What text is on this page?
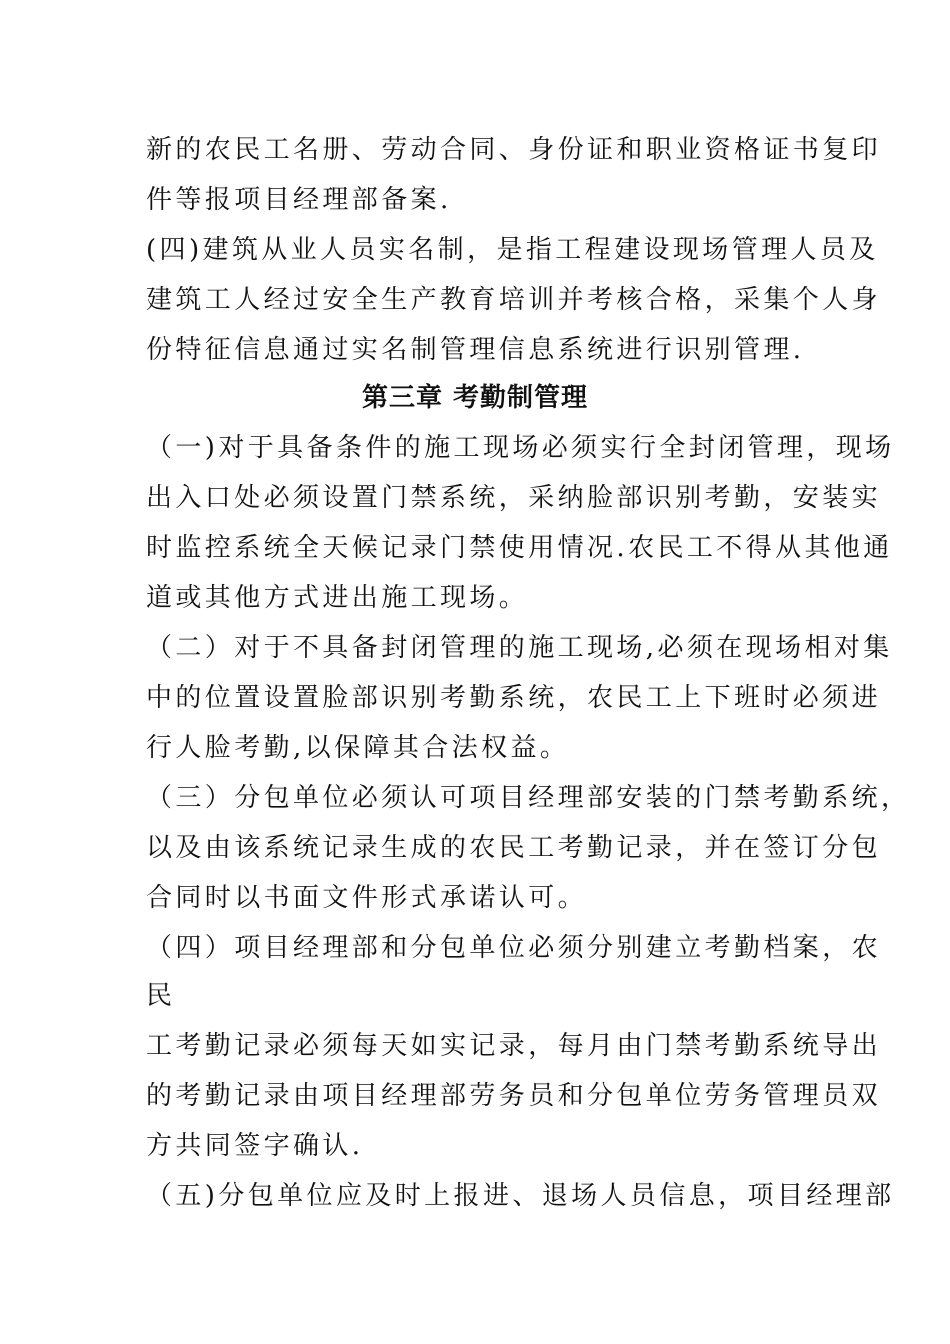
新的农民工名册、劳动合同、身份证和职业资格证书复印
件等报项目经理部备案.
(四)建筑从业人员实名制，是指工程建设现场管理人员及
建筑工人经过安全生产教育培训并考核合格，采集个人身
份特征信息通过实名制管理信息系统进行识别管理.
第三章 考勤制管理
（一)对于具备条件的施工现场必须实行全封闭管理，现场
出入口处必须设置门禁系统，采纳脸部识别考勤，安装实
时监控系统全天候记录门禁使用情况.农民工不得从其他通
道或其他方式进出施工现场。
（二）对于不具备封闭管理的施工现场,必须在现场相对集
中的位置设置脸部识别考勤系统，农民工上下班时必须进
行人脸考勤,以保障其合法权益。
（三）分包单位必须认可项目经理部安装的门禁考勤系统，
以及由该系统记录生成的农民工考勤记录，并在签订分包
合同时以书面文件形式承诺认可。
（四）项目经理部和分包单位必须分别建立考勤档案，农
民
工考勤记录必须每天如实记录，每月由门禁考勤系统导出
的考勤记录由项目经理部劳务员和分包单位劳务管理员双
方共同签字确认.
（五)分包单位应及时上报进、退场人员信息，项目经理部
